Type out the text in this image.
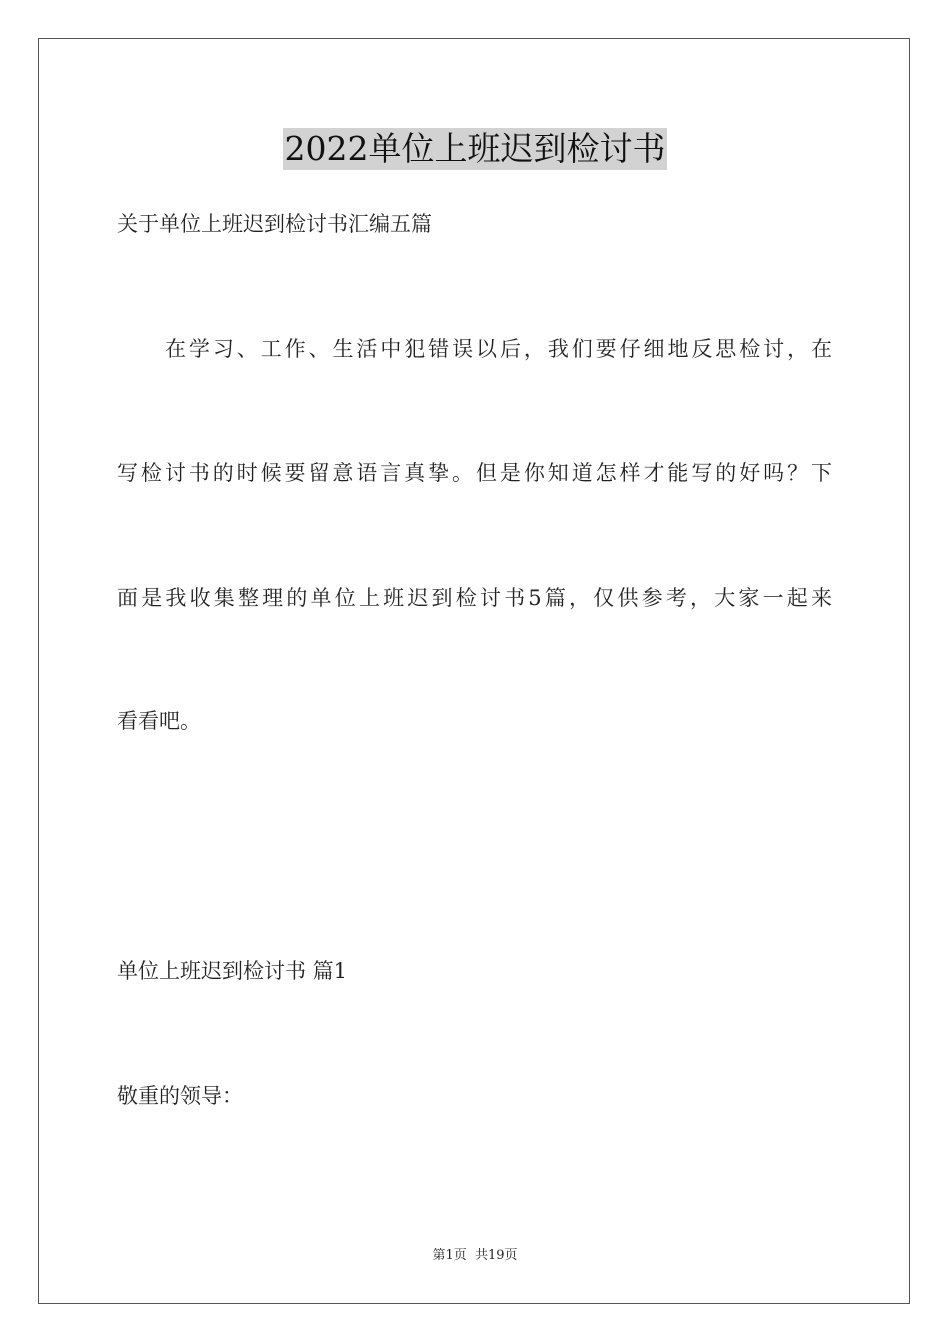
2022单位上班迟到检讨书
关于单位上班迟到检讨书汇编五篇
在学习、工作、生活中犯错误以后，我们要仔细地反思检讨，在
写检讨书的时候要留意语言真挚。但是你知道怎样才能写的好吗？下
面是我收集整理的单位上班迟到检讨书5篇，仅供参考，大家一起来
看看吧。
单位上班迟到检讨书 篇1
敬重的领导：
第1页 共19页
